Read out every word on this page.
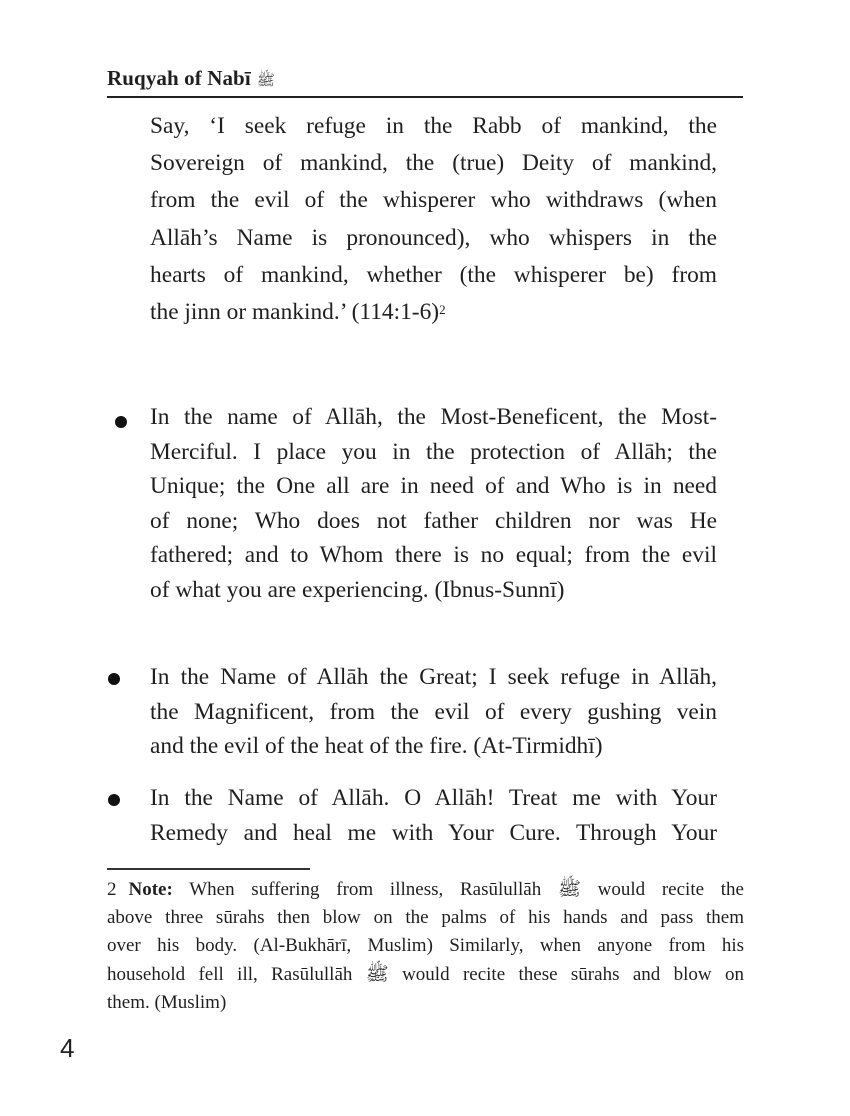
Ruqyah of Nabī ﷺ
Say, ‘I seek refuge in the Rabb of mankind, the
Sovereign of mankind, the (true) Deity of mankind,
from the evil of the whisperer who withdraws (when
Allāh’s Name is pronounced), who whispers in the
hearts of mankind, whether (the whisperer be) from
the jinn or mankind.’ (114:1-6)$^2$
In the name of Allāh, the Most-Beneficent, the Most-
Merciful. I place you in the protection of Allāh; the
Unique; the One all are in need of and Who is in need
of none; Who does not father children nor was He
fathered; and to Whom there is no equal; from the evil
of what you are experiencing. (Ibnus-Sunnī)
In the Name of Allāh the Great; I seek refuge in Allāh,
the Magnificent, from the evil of every gushing vein
and the evil of the heat of the fire. (At-Tirmidhī)
In the Name of Allāh. O Allāh! Treat me with Your
Remedy and heal me with Your Cure. Through Your
2 Note: When suffering from illness, Rasūlullāh ﷺ would recite the
above three sūrahs then blow on the palms of his hands and pass them
over his body. (Al-Bukhārī, Muslim) Similarly, when anyone from his
household fell ill, Rasūlullāh ﷺ would recite these sūrahs and blow on
them. (Muslim)
4
